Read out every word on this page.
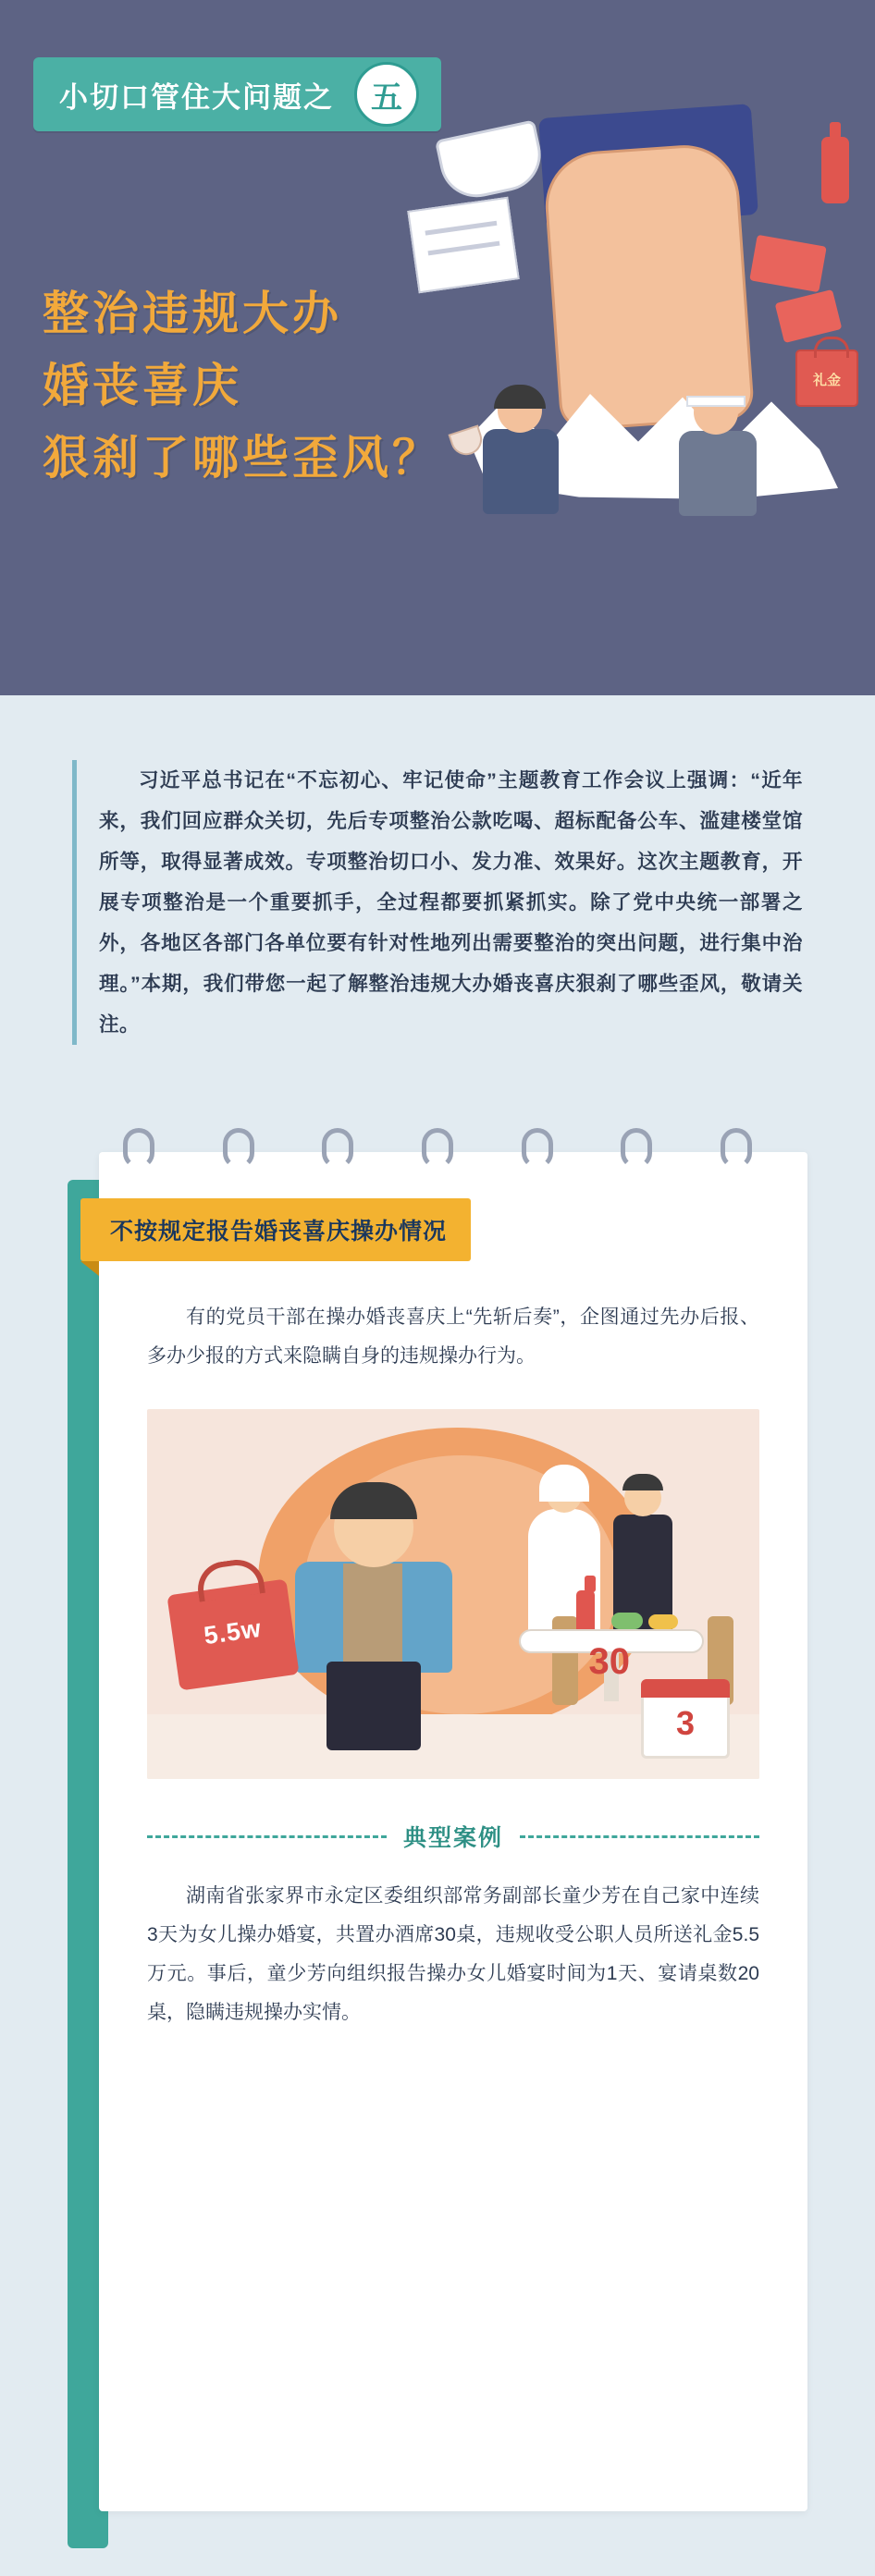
小切口管住大问题之	五
礼金
整治违规大办
婚丧喜庆
狠刹了哪些歪风？

习近平总书记在“不忘初心、牢记使命”主题教育工作会议上强调：“近年来，我们回应群众关切，先后专项整治公款吃喝、超标配备公车、滥建楼堂馆所等，取得显著成效。专项整治切口小、发力准、效果好。这次主题教育，开展专项整治是一个重要抓手，全过程都要抓紧抓实。除了党中央统一部署之外，各地区各部门各单位要有针对性地列出需要整治的突出问题，进行集中治理。”本期，我们带您一起了解整治违规大办婚丧喜庆狠刹了哪些歪风，敬请关注。

不按规定报告婚丧喜庆操办情况

有的党员干部在操办婚丧喜庆上“先斩后奏”，企图通过先办后报、多办少报的方式来隐瞒自身的违规操办行为。

5.5w
30
3
典型案例

湖南省张家界市永定区委组织部常务副部长童少芳在自己家中连续3天为女儿操办婚宴，共置办酒席30桌，违规收受公职人员所送礼金5.5万元。事后，童少芳向组织报告操办女儿婚宴时间为1天、宴请桌数20桌，隐瞒违规操办实情。
